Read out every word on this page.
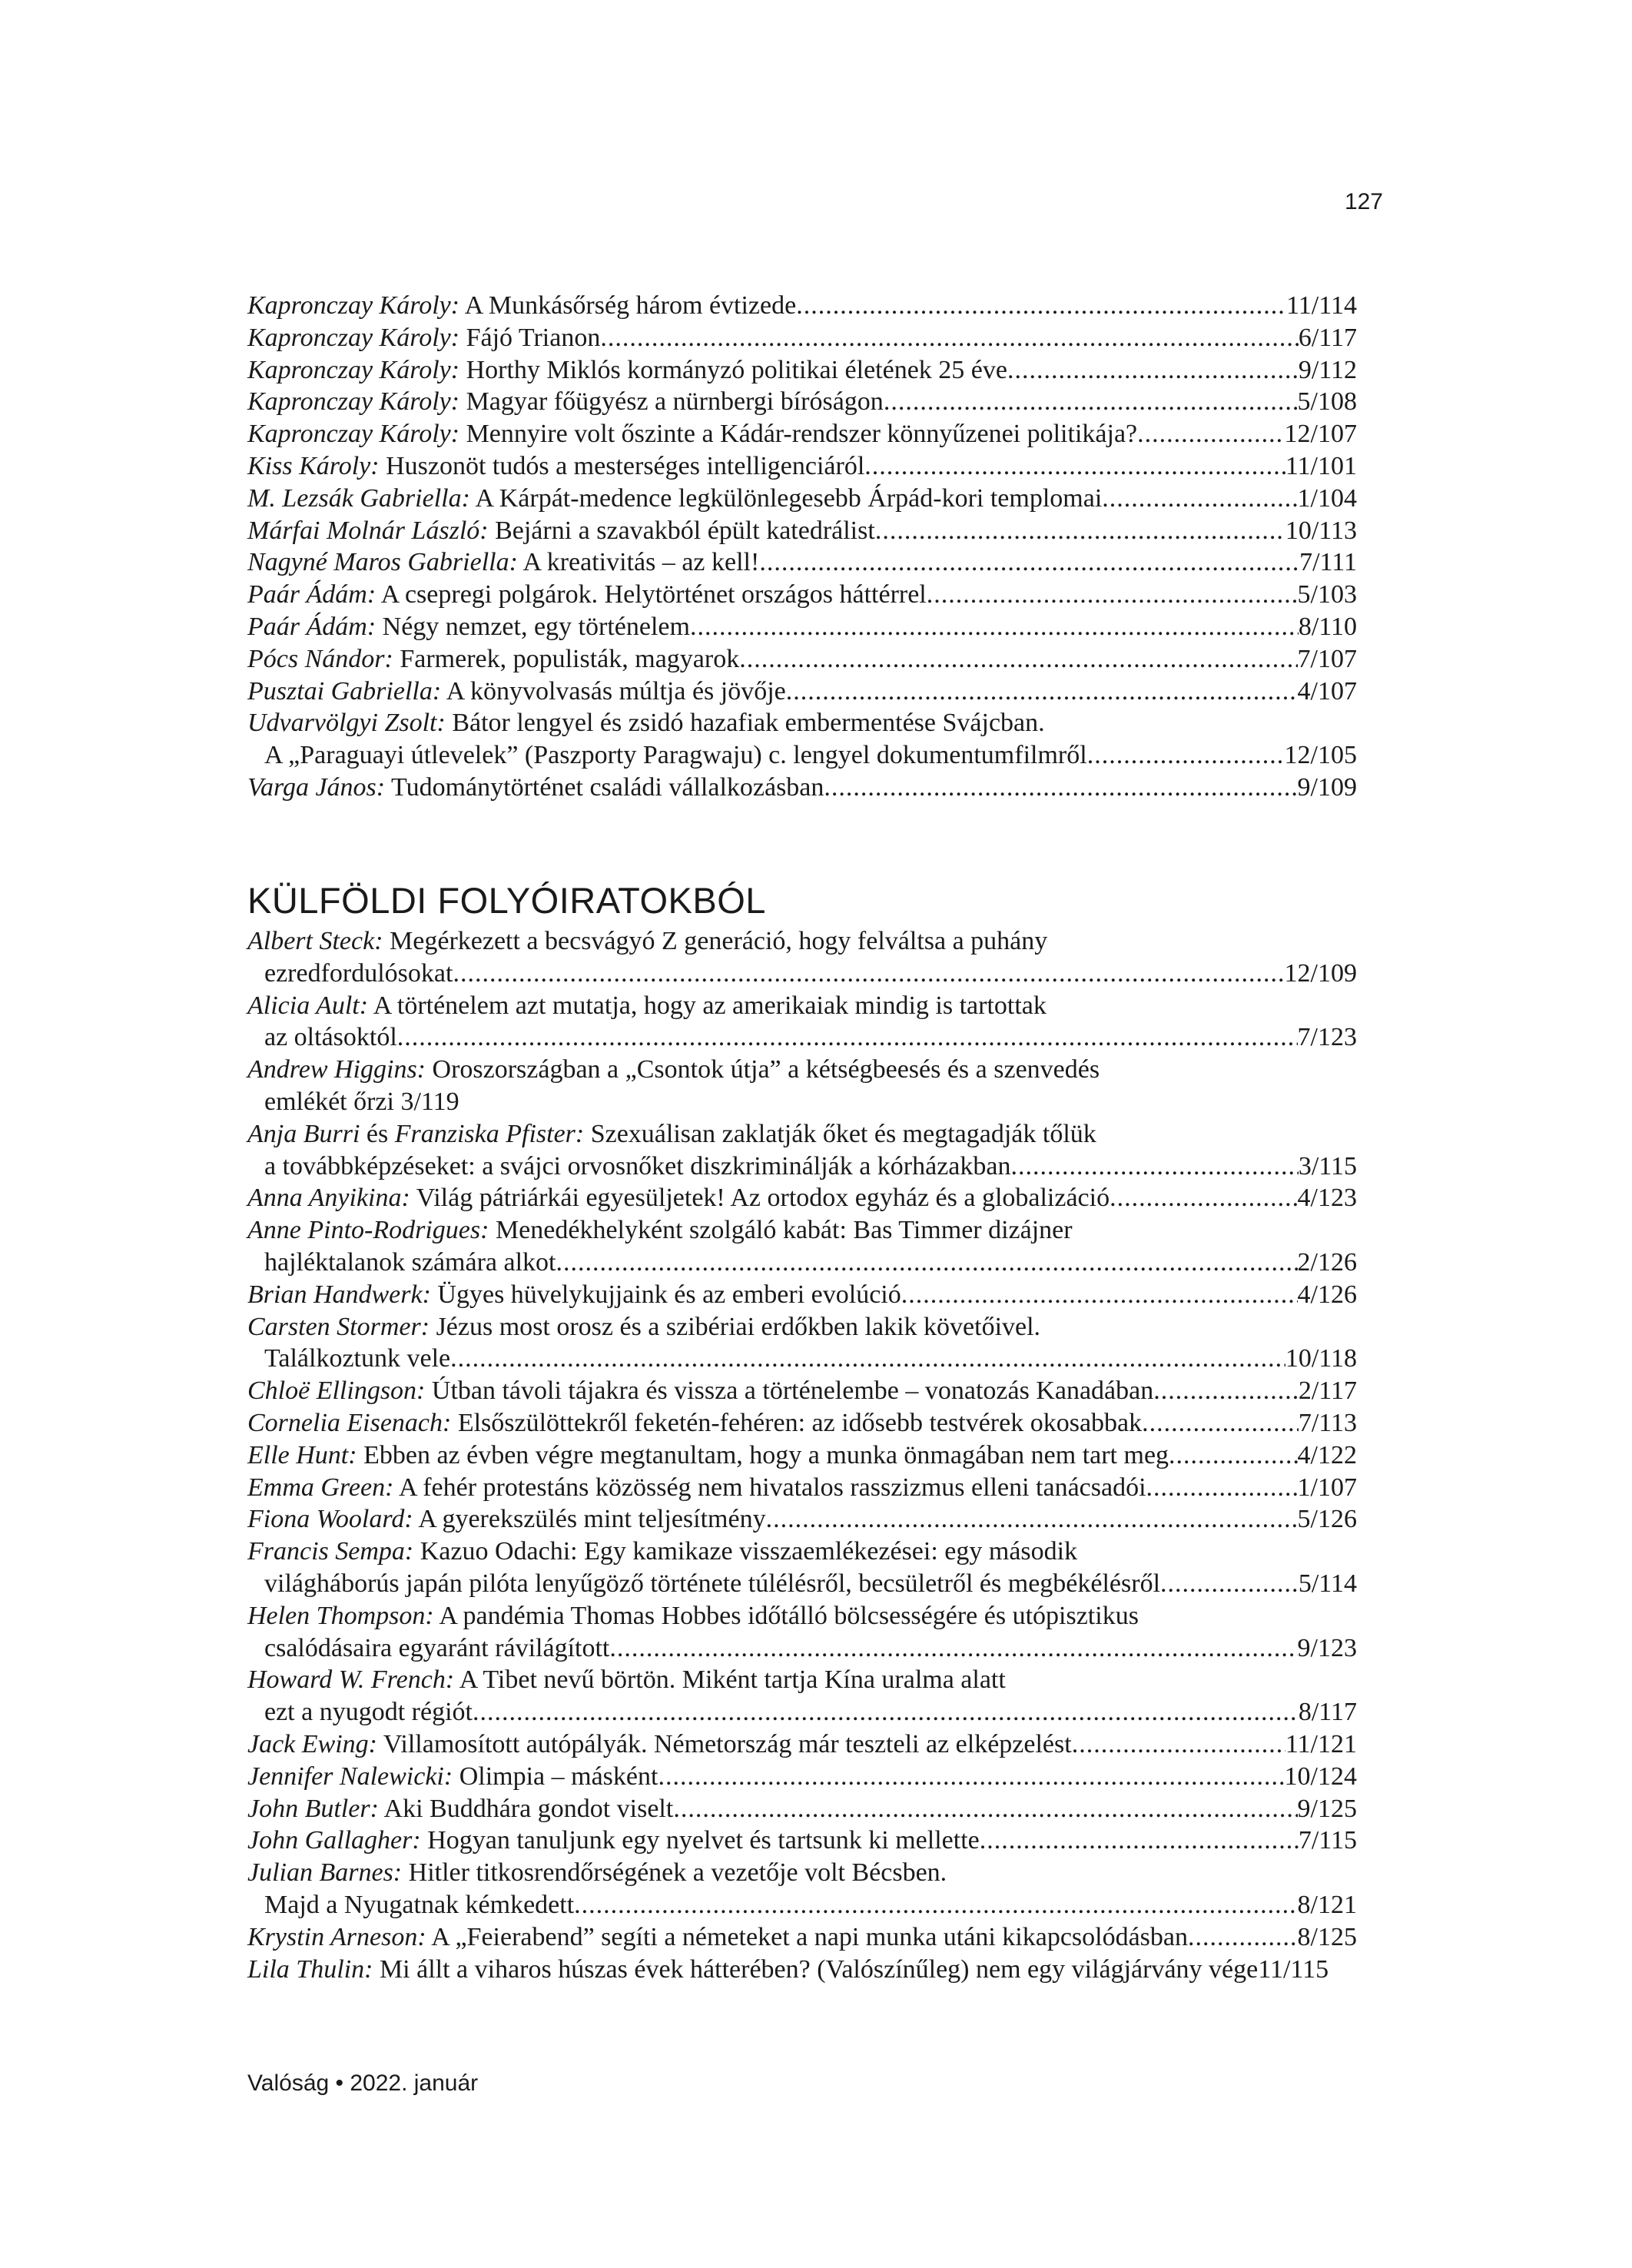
127
Kapronczay Károly: A Munkásőrség három évtizede .....	11/114
Kapronczay Károly: Fájó Trianon .....	6/117
Kapronczay Károly: Horthy Miklós kormányzó politikai életének 25 éve .....	9/112
Kapronczay Károly: Magyar főügyész a nürnbergi bíróságon .....	5/108
Kapronczay Károly: Mennyire volt őszinte a Kádár-rendszer könnyűzenei politikája? .....	12/107
Kiss Károly: Huszonöt tudós a mesterséges intelligenciáról .....	11/101
M. Lezsák Gabriella: A Kárpát-medence legkülönlegesebb Árpád-kori templomai .....	1/104
Márfai Molnár László: Bejárni a szavakból épült katedrálist .....	10/113
Nagyné Maros Gabriella: A kreativitás – az kell! .....	7/111
Paár Ádám: A csepregi polgárok. Helytörténet országos háttérrel .....	5/103
Paár Ádám: Négy nemzet, egy történelem .....	8/110
Pócs Nándor: Farmerek, populisták, magyarok .....	7/107
Pusztai Gabriella: A könyvolvasás múltja és jövője .....	4/107
Udvarvölgyi Zsolt: Bátor lengyel és zsidó hazafiak embermentése Svájcban.
A „Paraguayi útlevelek” (Paszporty Paragwaju) c. lengyel dokumentumfilmről .....	12/105
Varga János: Tudománytörténet családi vállalkozásban .....	9/109
KÜLFÖLDI FOLYÓIRATOKBÓL
Albert Steck: Megérkezett a becsvágyó Z generáció, hogy felváltsa a puhány
ezredfordulósokat .....	12/109
Alicia Ault: A történelem azt mutatja, hogy az amerikaiak mindig is tartottak
az oltásoktól .....	7/123
Andrew Higgins: Oroszországban a „Csontok útja” a kétségbeesés és a szenvedés
emlékét őrzi 3/119
Anja Burri és Franziska Pfister: Szexuálisan zaklatják őket és megtagadják tőlük
a továbbképzéseket: a svájci orvosnőket diszkriminálják a kórházakban .....	3/115
Anna Anyikina: Világ pátriárkái egyesüljetek! Az ortodox egyház és a globalizáció .....	4/123
Anne Pinto-Rodrigues: Menedékhelyként szolgáló kabát: Bas Timmer dizájner
hajléktalanok számára alkot .....	2/126
Brian Handwerk: Ügyes hüvelykujjaink és az emberi evolúció .....	4/126
Carsten Stormer: Jézus most orosz és a szibériai erdőkben lakik követőivel.
Találkoztunk vele .....	10/118
Chloë Ellingson: Útban távoli tájakra és vissza a történelembe – vonatozás Kanadában .....	2/117
Cornelia Eisenach: Elsőszülöttekről feketén-fehéren: az idősebb testvérek okosabbak .....	7/113
Elle Hunt: Ebben az évben végre megtanultam, hogy a munka önmagában nem tart meg .....	4/122
Emma Green: A fehér protestáns közösség nem hivatalos rasszizmus elleni tanácsadói .....	1/107
Fiona Woolard: A gyerekszülés mint teljesítmény .....	5/126
Francis Sempa: Kazuo Odachi: Egy kamikaze visszaemlékezései: egy második
világháborús japán pilóta lenyűgöző története túlélésről, becsületről és megbékélésről .....	5/114
Helen Thompson: A pandémia Thomas Hobbes időtálló bölcsességére és utópisztikus
csalódásaira egyaránt rávilágított .....	9/123
Howard W. French: A Tibet nevű börtön. Miként tartja Kína uralma alatt
ezt a nyugodt régiót .....	8/117
Jack Ewing: Villamosított autópályák. Németország már teszteli az elképzelést .....	11/121
Jennifer Nalewicki: Olimpia – másként .....	10/124
John Butler: Aki Buddhára gondot viselt .....	9/125
John Gallagher: Hogyan tanuljunk egy nyelvet és tartsunk ki mellette .....	7/115
Julian Barnes: Hitler titkosrendőrségének a vezetője volt Bécsben.
Majd a Nyugatnak kémkedett .....	8/121
Krystin Arneson: A „Feierabend” segíti a németeket a napi munka utáni kikapcsolódásban .....	8/125
Lila Thulin: Mi állt a viharos húszas évek hátterében? (Valószínűleg) nem egy világjárvány vége 11/115
Valóság • 2022. január
